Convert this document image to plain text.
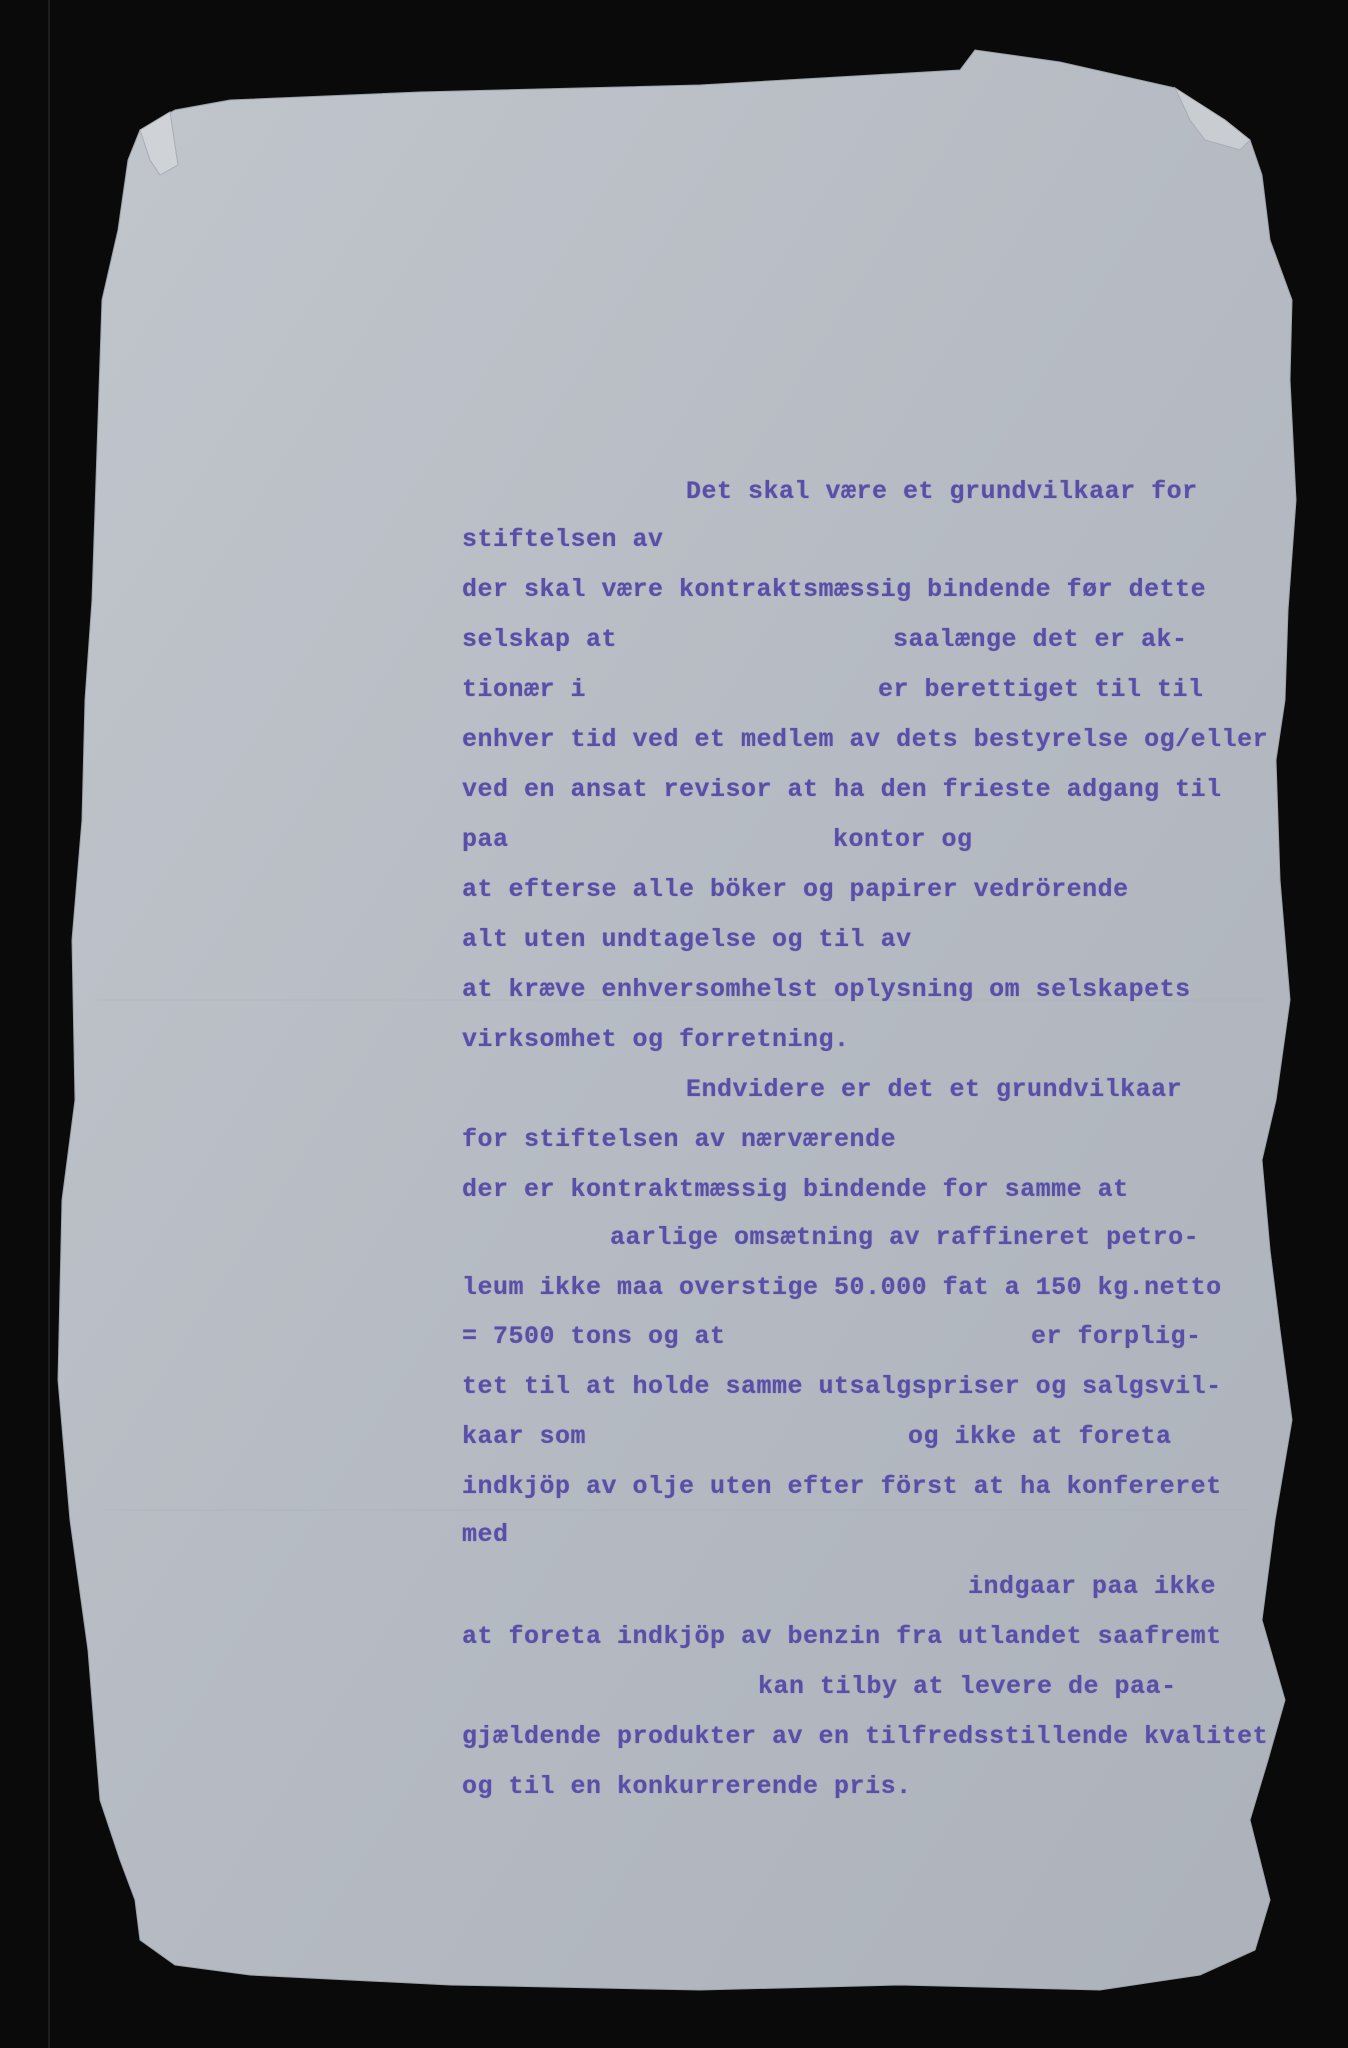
Det skal være et grundvilkaar for
stiftelsen av
der skal være kontraktsmæssig bindende før dette
selskap at	saalænge det er ak-
tionær i	er berettiget til til
enhver tid ved et medlem av dets bestyrelse og/eller
ved en ansat revisor at ha den frieste adgang til
paa	kontor og
at efterse alle böker og papirer vedrörende
alt uten undtagelse og til av
at kræve enhversomhelst oplysning om selskapets
virksomhet og forretning.
Endvidere er det et grundvilkaar
for stiftelsen av nærværende
der er kontraktmæssig bindende for samme at
aarlige omsætning av raffineret petro-
leum ikke maa overstige 50.000 fat a 150 kg.netto
= 7500 tons og at	er forplig-
tet til at holde samme utsalgspriser og salgsvil-
kaar som	og ikke at foreta
indkjöp av olje uten efter först at ha konfereret
med
indgaar paa ikke
at foreta indkjöp av benzin fra utlandet saafremt
kan tilby at levere de paa-
gjældende produkter av en tilfredsstillende kvalitet
og til en konkurrerende pris.
